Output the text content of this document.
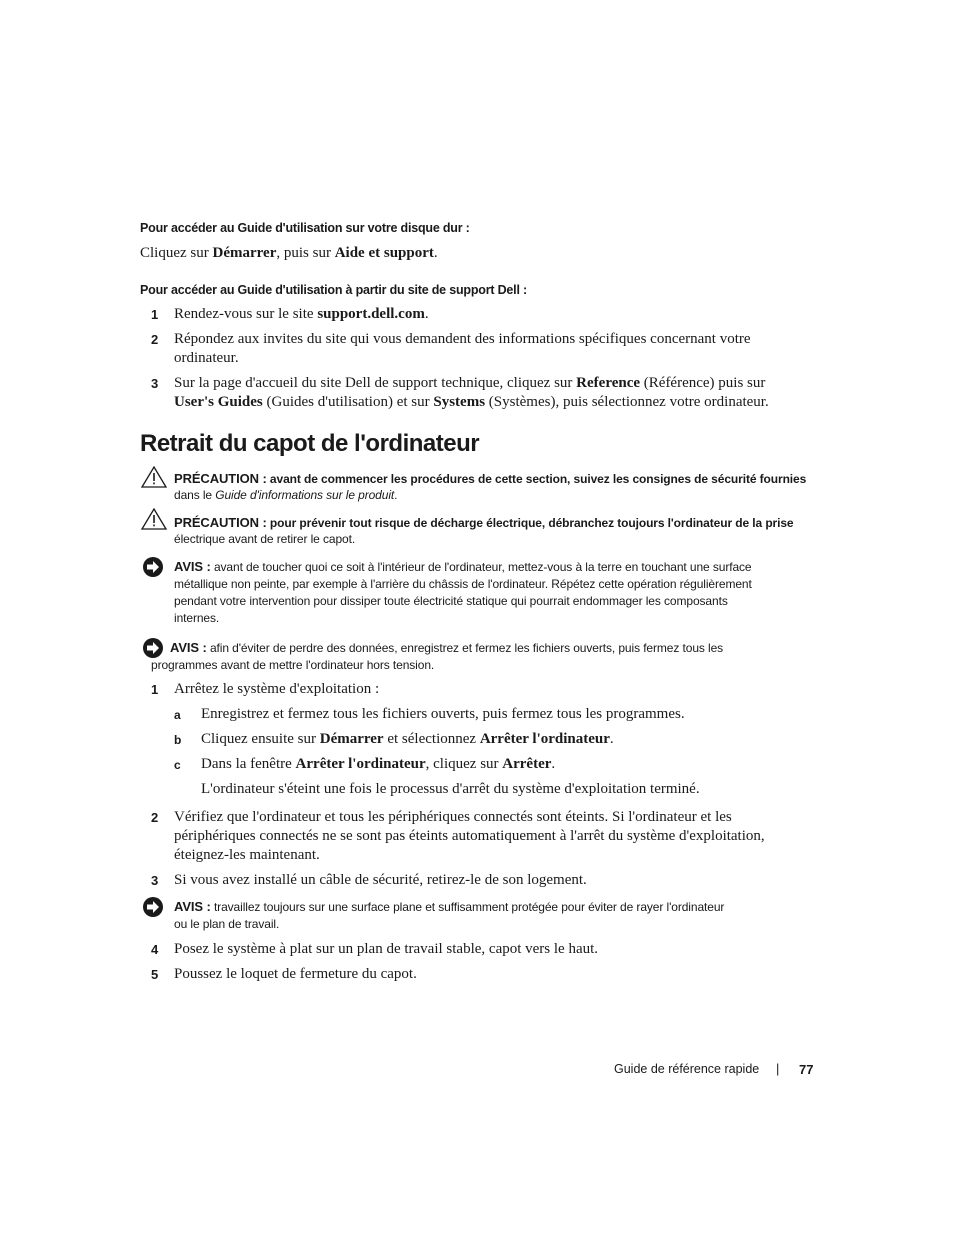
Pour accéder au Guide d'utilisation sur votre disque dur :
Cliquez sur Démarrer, puis sur Aide et support.
Pour accéder au Guide d'utilisation à partir du site de support Dell :
1 Rendez-vous sur le site support.dell.com.
2 Répondez aux invites du site qui vous demandent des informations spécifiques concernant votre
ordinateur.
3 Sur la page d'accueil du site Dell de support technique, cliquez sur Reference (Référence) puis sur
User's Guides (Guides d'utilisation) et sur Systems (Systèmes), puis sélectionnez votre ordinateur.
Retrait du capot de l'ordinateur
PRÉCAUTION : avant de commencer les procédures de cette section, suivez les consignes de sécurité fournies
dans le Guide d'informations sur le produit.
PRÉCAUTION : pour prévenir tout risque de décharge électrique, débranchez toujours l'ordinateur de la prise
électrique avant de retirer le capot.
AVIS : avant de toucher quoi ce soit à l'intérieur de l'ordinateur, mettez-vous à la terre en touchant une surface
métallique non peinte, par exemple à l'arrière du châssis de l'ordinateur. Répétez cette opération régulièrement
pendant votre intervention pour dissiper toute électricité statique qui pourrait endommager les composants
internes.
AVIS : afin d'éviter de perdre des données, enregistrez et fermez les fichiers ouverts, puis fermez tous les
programmes avant de mettre l'ordinateur hors tension.
1 Arrêtez le système d'exploitation :
a Enregistrez et fermez tous les fichiers ouverts, puis fermez tous les programmes.
b Cliquez ensuite sur Démarrer et sélectionnez Arrêter l'ordinateur.
c Dans la fenêtre Arrêter l'ordinateur, cliquez sur Arrêter.
L'ordinateur s'éteint une fois le processus d'arrêt du système d'exploitation terminé.
2 Vérifiez que l'ordinateur et tous les périphériques connectés sont éteints. Si l'ordinateur et les
périphériques connectés ne se sont pas éteints automatiquement à l'arrêt du système d'exploitation,
éteignez-les maintenant.
3 Si vous avez installé un câble de sécurité, retirez-le de son logement.
AVIS : travaillez toujours sur une surface plane et suffisamment protégée pour éviter de rayer l'ordinateur
ou le plan de travail.
4 Posez le système à plat sur un plan de travail stable, capot vers le haut.
5 Poussez le loquet de fermeture du capot.
Guide de référence rapide | 77
